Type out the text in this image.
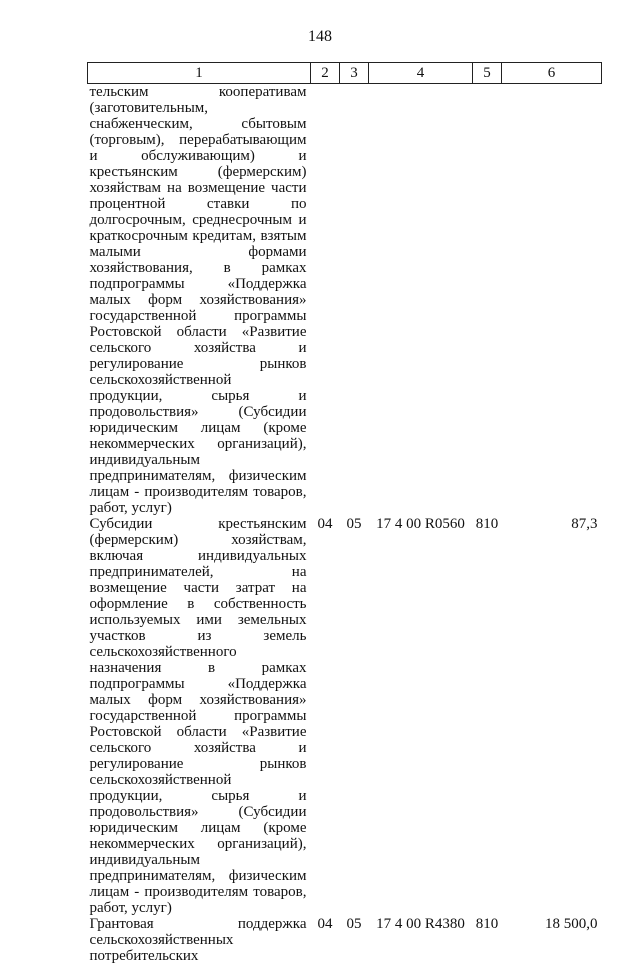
148
1	2	3	4	5	6
тельским кооперативам (заготовительным, снабженческим, сбытовым (торговым), перерабатывающим и обслуживающим) и крестьянским (фермерским) хозяйствам на возмещение части процентной ставки по долгосрочным, среднесрочным и краткосрочным кредитам, взятым малыми формами хозяйствования, в рамках подпрограммы «Поддержка малых форм хозяйствования» государственной программы Ростовской области «Развитие сельского хозяйства и регулирование рынков сельскохозяйственной продукции, сырья и продовольствия» (Субсидии юридическим лицам (кроме некоммерческих организаций), индивидуальным предпринимателям, физическим лицам - производителям товаров, работ, услуг)					
Субсидии крестьянским (фермерским) хозяйствам, включая индивидуальных предпринимателей, на возмещение части затрат на оформление в собственность используемых ими земельных участков из земель сельскохозяйственного назначения в рамках подпрограммы «Поддержка малых форм хозяйствования» государственной программы Ростовской области «Развитие сельского хозяйства и регулирование рынков сельскохозяйственной продукции, сырья и продовольствия» (Субсидии юридическим лицам (кроме некоммерческих организаций), индивидуальным предпринимателям, физическим лицам - производителям товаров, работ, услуг)	04	05	17 4 00 R0560	810	87,3
Грантовая поддержка сельскохозяйственных потребительских	04	05	17 4 00 R4380	810	18 500,0
